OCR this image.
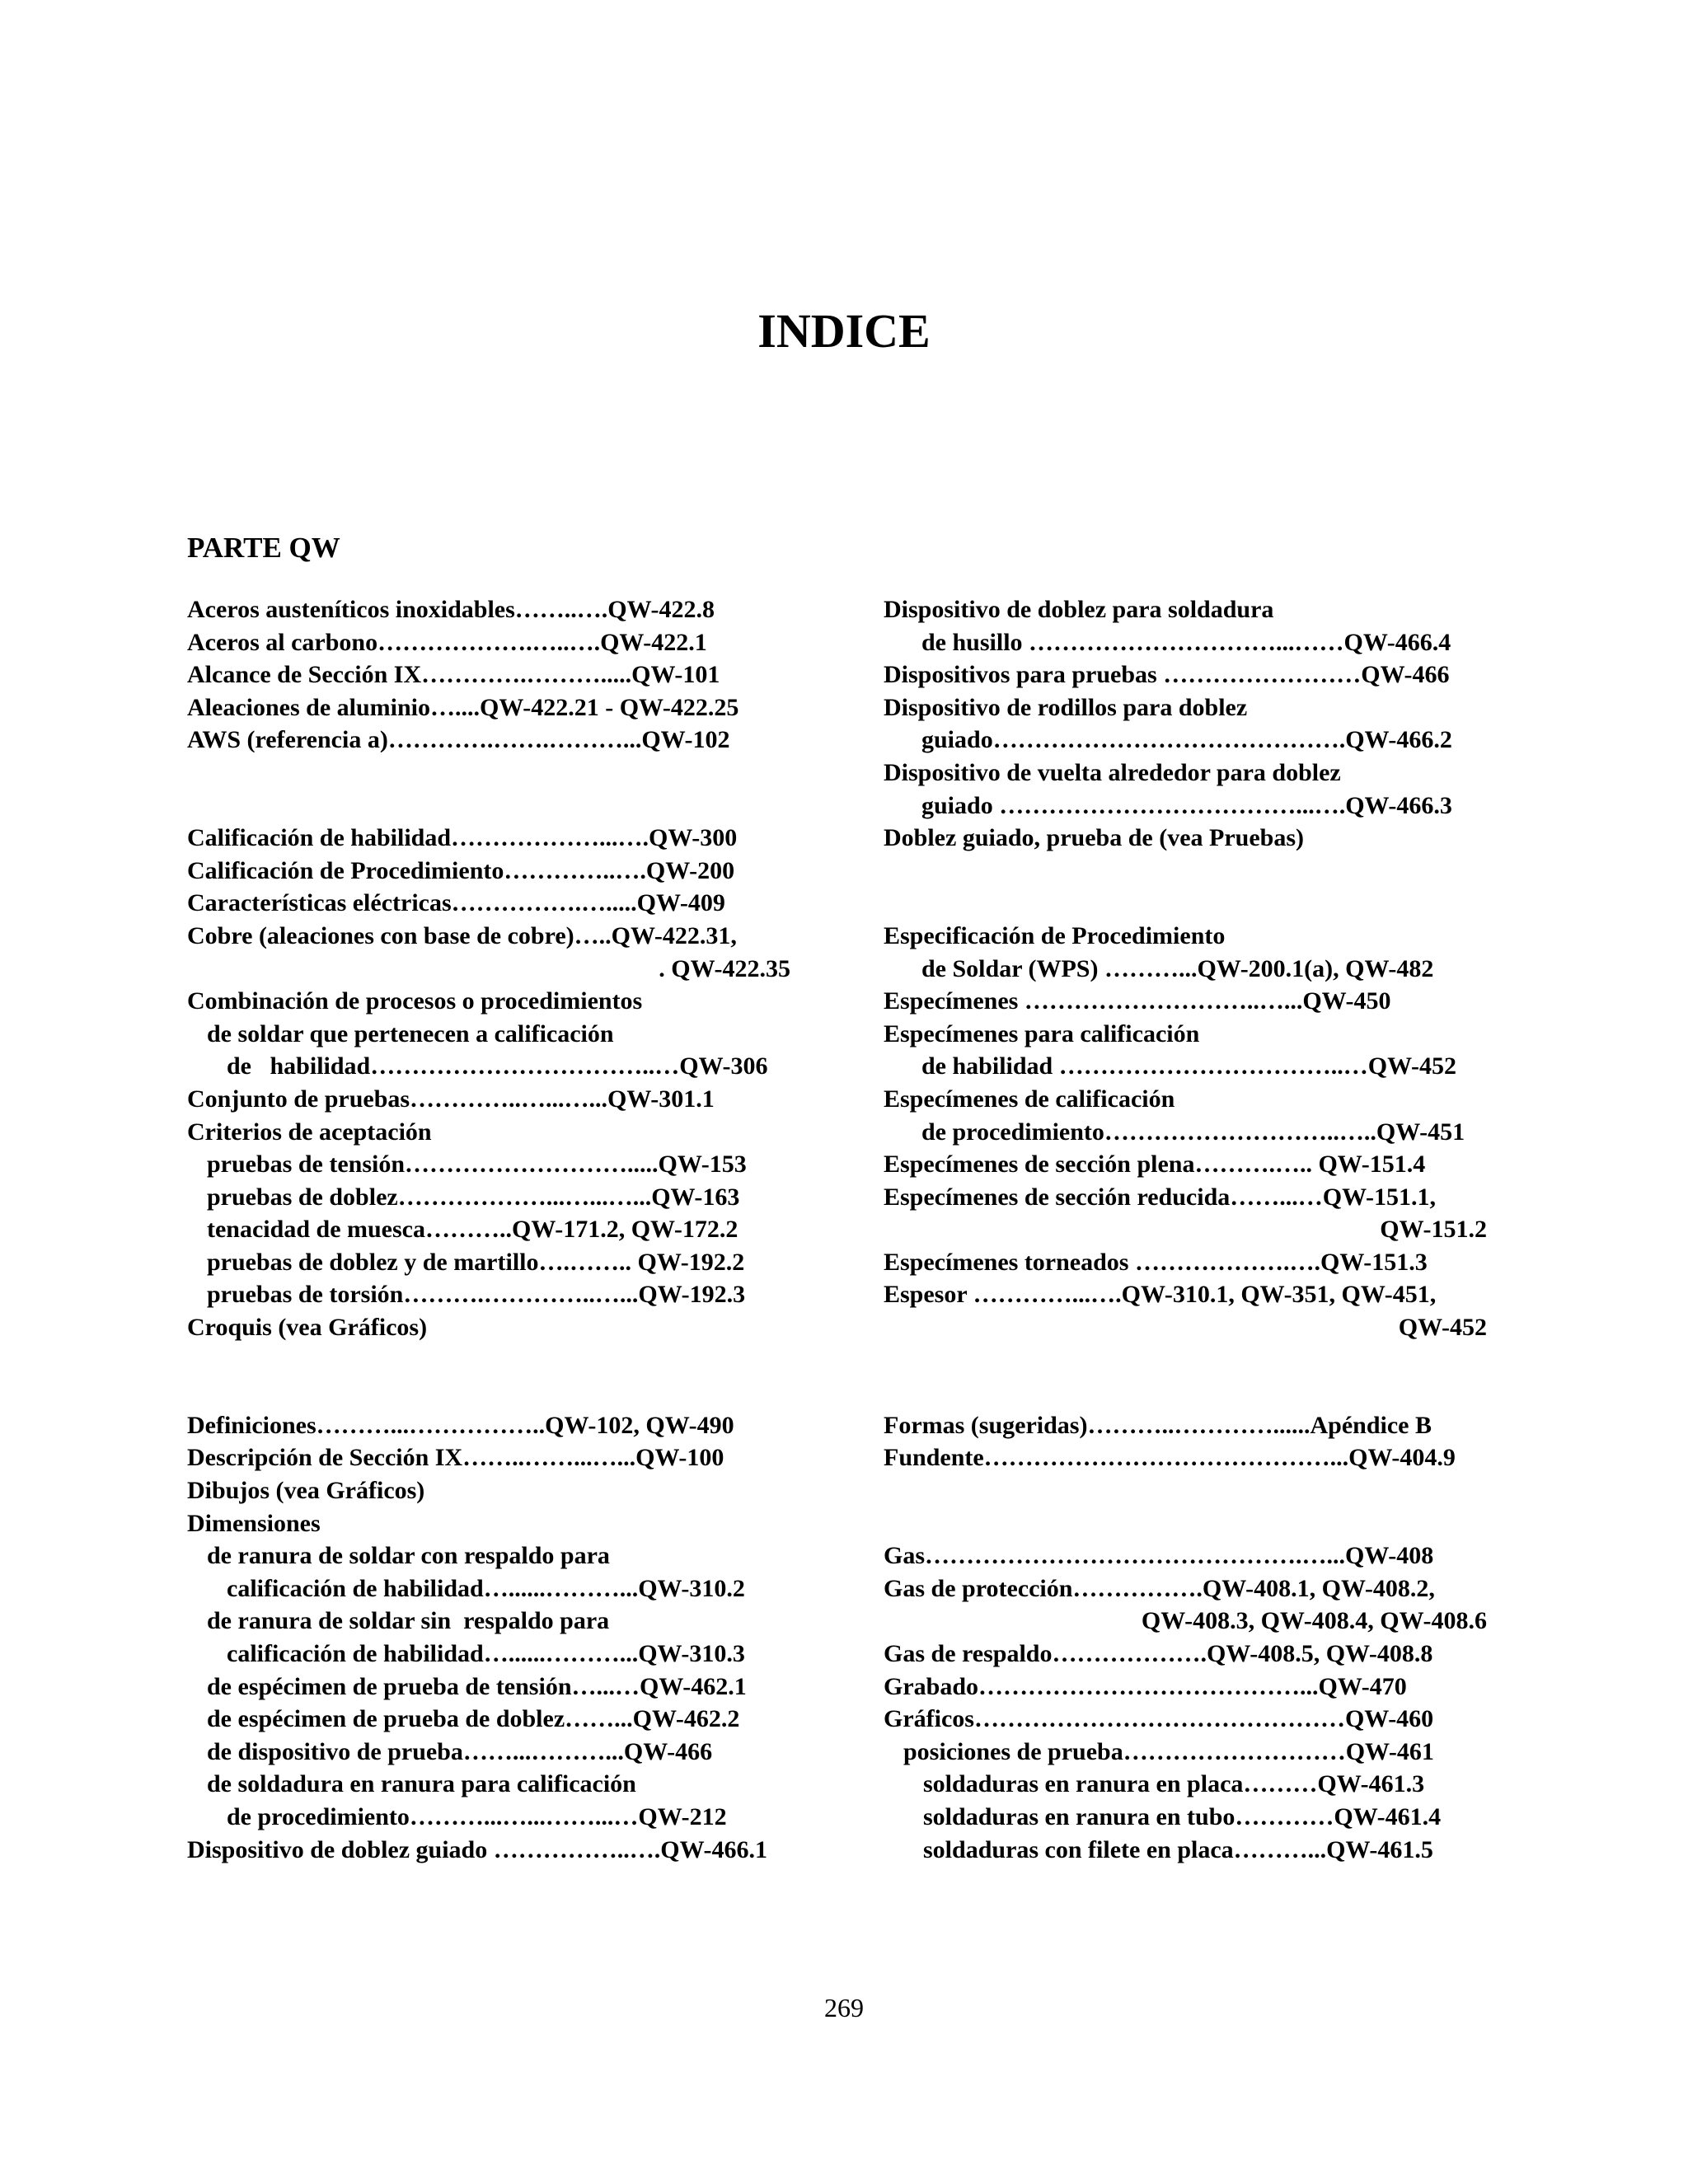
INDICE
PARTE QW
Aceros austeníticos inoxidables……..….QW-422.8
Aceros al carbono……………….…..….QW-422.1
Alcance de Sección IX………….……….....QW-101
Aleaciones de aluminio…....QW-422.21 - QW-422.25
AWS (referencia a)………….…….………...QW-102
Calificación de habilidad………………...….QW-300
Calificación de Procedimiento…………..….QW-200
Características eléctricas…………….….....QW-409
Cobre (aleaciones con base de cobre)…..QW-422.31,
. QW-422.35
Combinación de procesos o procedimientos
de soldar que pertenecen a calificación
de   habilidad……………………………..…QW-306
Conjunto de pruebas…………..…...…...QW-301.1
Criterios de aceptación
pruebas de tensión……………………….....QW-153
pruebas de doblez………………...…...…...QW-163
tenacidad de muesca………..QW-171.2, QW-172.2
pruebas de doblez y de martillo….…….. QW-192.2
pruebas de torsión……….…………..…...QW-192.3
Croquis (vea Gráficos)
Definiciones………...……………..QW-102, QW-490
Descripción de Sección IX……..……...…...QW-100
Dibujos (vea Gráficos)
Dimensiones
de ranura de soldar con respaldo para
calificación de habilidad…......………...QW-310.2
de ranura de soldar sin  respaldo para
calificación de habilidad…......………...QW-310.3
de espécimen de prueba de tensión…...…QW-462.1
de espécimen de prueba de doblez……...QW-462.2
de dispositivo de prueba……...………...QW-466
de soldadura en ranura para calificación
de procedimiento………...…...……...…QW-212
Dispositivo de doblez guiado ……………..….QW-466.1
Dispositivo de doblez para soldadura
de husillo …………………………...……QW-466.4
Dispositivos para pruebas ……………………QW-466
Dispositivo de rodillos para doblez
guiado…………………………………….QW-466.2
Dispositivo de vuelta alrededor para doblez
guiado ………………………………...….QW-466.3
Doblez guiado, prueba de (vea Pruebas)
Especificación de Procedimiento
de Soldar (WPS) ………...QW-200.1(a), QW-482
Especímenes ………………………..…...QW-450
Especímenes para calificación
de habilidad ……………………………..…QW-452
Especímenes de calificación
de procedimiento………………………..…..QW-451
Especímenes de sección plena……….….. QW-151.4
Especímenes de sección reducida……...…QW-151.1,
QW-151.2
Especímenes torneados ……………….….QW-151.3
Espesor …………...….QW-310.1, QW-351, QW-451,
QW-452
Formas (sugeridas)………..…………......Apéndice B
Fundente……………………………………...QW-404.9
Gas……………………………………….…...QW-408
Gas de protección…………….QW-408.1, QW-408.2,
QW-408.3, QW-408.4, QW-408.6
Gas de respaldo……………….QW-408.5, QW-408.8
Grabado…………………………………...QW-470
Gráficos………………………………………QW-460
posiciones de prueba………………………QW-461
soldaduras en ranura en placa………QW-461.3
soldaduras en ranura en tubo…………QW-461.4
soldaduras con filete en placa………...QW-461.5

269
